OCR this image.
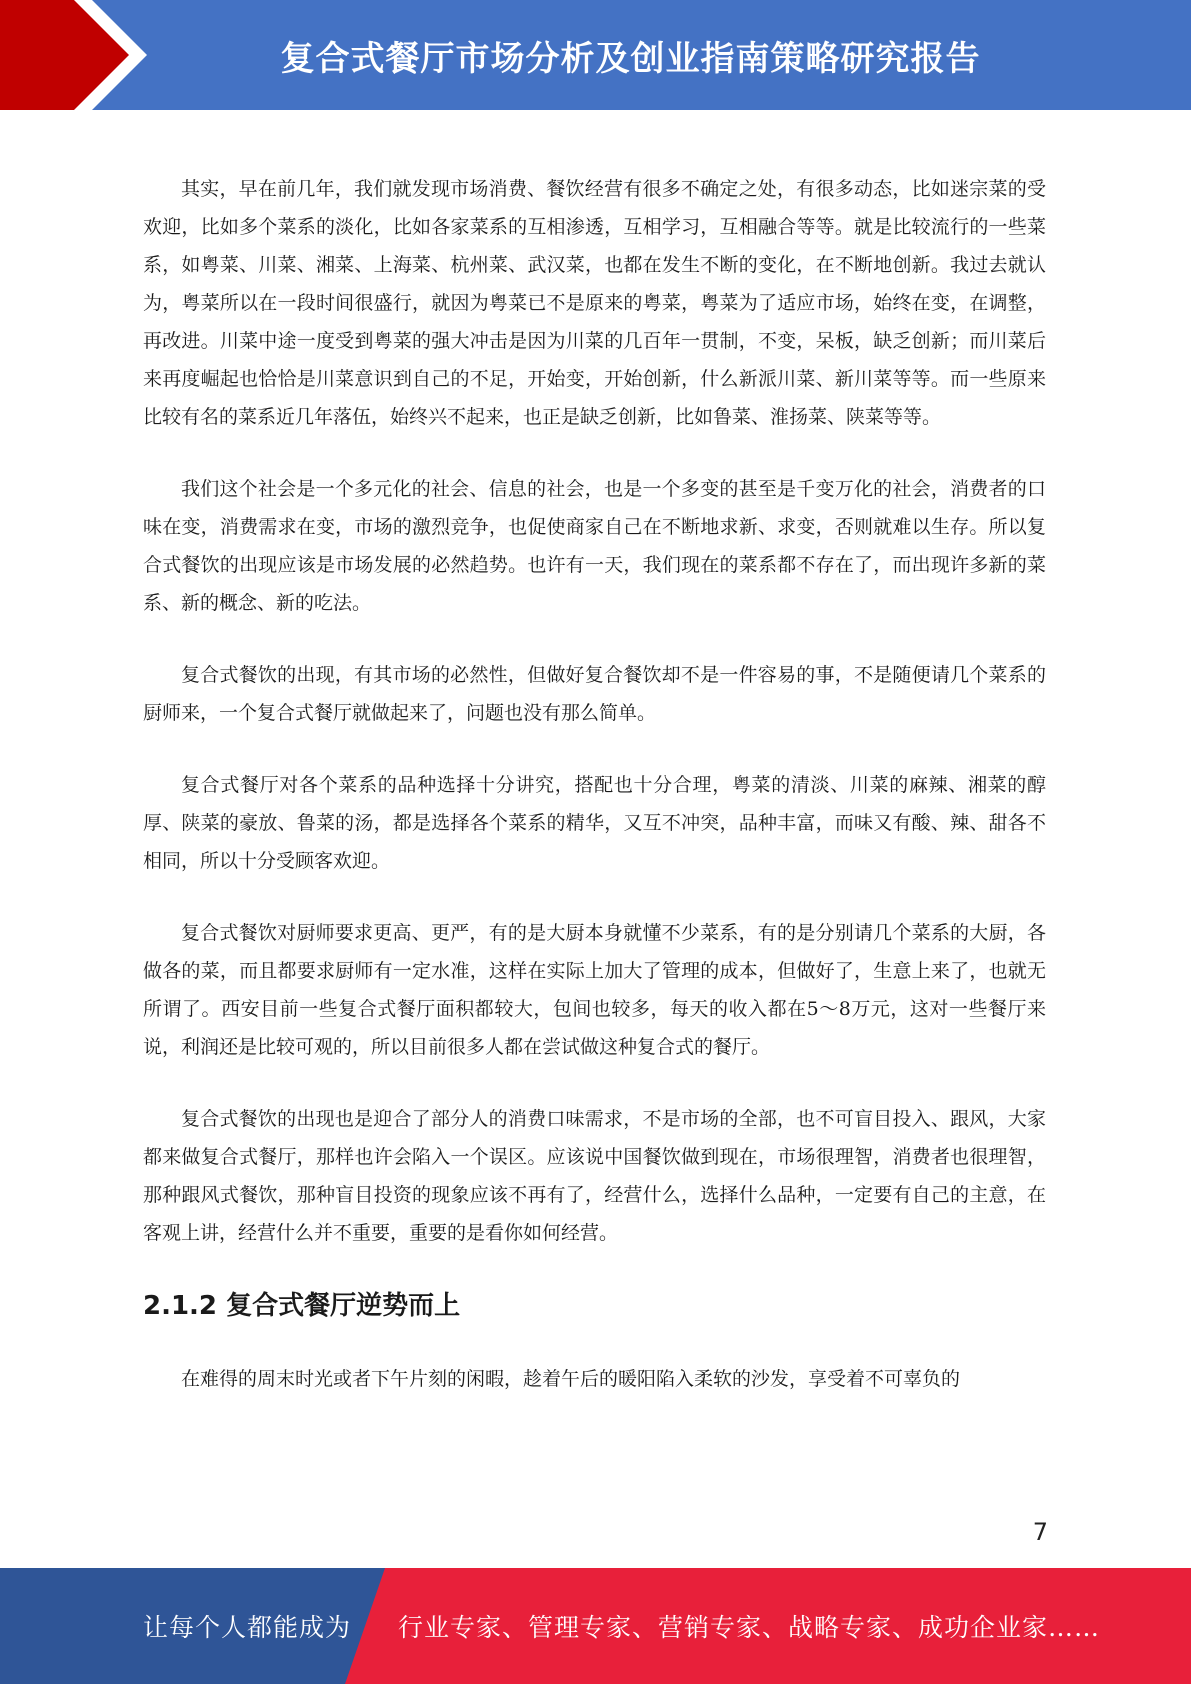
复合式餐厅市场分析及创业指南策略研究报告

其实，早在前几年，我们就发现市场消费、餐饮经营有很多不确定之处，有很多动态，比如迷宗菜的受欢迎，比如多个菜系的淡化，比如各家菜系的互相渗透，互相学习，互相融合等等。就是比较流行的一些菜系，如粤菜、川菜、湘菜、上海菜、杭州菜、武汉菜，也都在发生不断的变化，在不断地创新。我过去就认为，粤菜所以在一段时间很盛行，就因为粤菜已不是原来的粤菜，粤菜为了适应市场，始终在变，在调整，再改进。川菜中途一度受到粤菜的强大冲击是因为川菜的几百年一贯制，不变，呆板，缺乏创新；而川菜后来再度崛起也恰恰是川菜意识到自己的不足，开始变，开始创新，什么新派川菜、新川菜等等。而一些原来比较有名的菜系近几年落伍，始终兴不起来，也正是缺乏创新，比如鲁菜、淮扬菜、陕菜等等。

我们这个社会是一个多元化的社会、信息的社会，也是一个多变的甚至是千变万化的社会，消费者的口味在变，消费需求在变，市场的激烈竞争，也促使商家自己在不断地求新、求变，否则就难以生存。所以复合式餐饮的出现应该是市场发展的必然趋势。也许有一天，我们现在的菜系都不存在了，而出现许多新的菜系、新的概念、新的吃法。

复合式餐饮的出现，有其市场的必然性，但做好复合餐饮却不是一件容易的事，不是随便请几个菜系的厨师来，一个复合式餐厅就做起来了，问题也没有那么简单。

复合式餐厅对各个菜系的品种选择十分讲究，搭配也十分合理，粤菜的清淡、川菜的麻辣、湘菜的醇厚、陕菜的豪放、鲁菜的汤，都是选择各个菜系的精华，又互不冲突，品种丰富，而味又有酸、辣、甜各不相同，所以十分受顾客欢迎。

复合式餐饮对厨师要求更高、更严，有的是大厨本身就懂不少菜系，有的是分别请几个菜系的大厨，各做各的菜，而且都要求厨师有一定水准，这样在实际上加大了管理的成本，但做好了，生意上来了，也就无所谓了。西安目前一些复合式餐厅面积都较大，包间也较多，每天的收入都在5～8万元，这对一些餐厅来说，利润还是比较可观的，所以目前很多人都在尝试做这种复合式的餐厅。

复合式餐饮的出现也是迎合了部分人的消费口味需求，不是市场的全部，也不可盲目投入、跟风，大家都来做复合式餐厅，那样也许会陷入一个误区。应该说中国餐饮做到现在，市场很理智，消费者也很理智，那种跟风式餐饮，那种盲目投资的现象应该不再有了，经营什么，选择什么品种，一定要有自己的主意，在客观上讲，经营什么并不重要，重要的是看你如何经营。

2.1.2 复合式餐厅逆势而上

在难得的周末时光或者下午片刻的闲暇，趁着午后的暖阳陷入柔软的沙发，享受着不可辜负的

7
让每个人都能成为 行业专家、管理专家、营销专家、战略专家、成功企业家……
